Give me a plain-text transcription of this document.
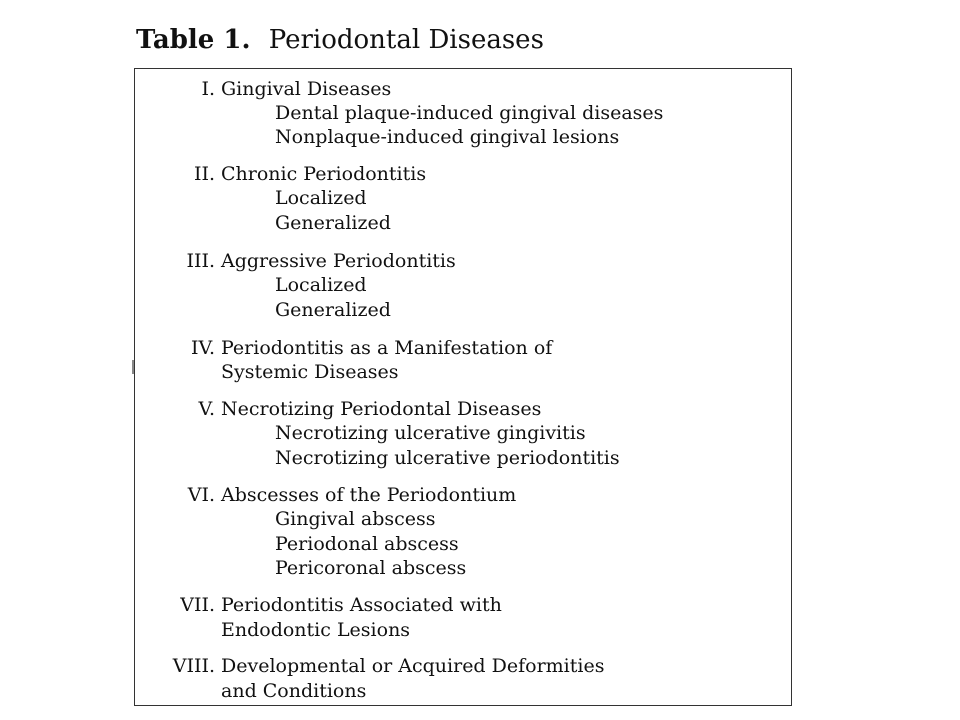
Table 1. Periodontal Diseases
I. Gingival Diseases
Dental plaque-induced gingival diseases
Nonplaque-induced gingival lesions
II. Chronic Periodontitis
Localized
Generalized
III. Aggressive Periodontitis
Localized
Generalized
IV. Periodontitis as a Manifestation of
Systemic Diseases
V. Necrotizing Periodontal Diseases
Necrotizing ulcerative gingivitis
Necrotizing ulcerative periodontitis
VI. Abscesses of the Periodontium
Gingival abscess
Periodonal abscess
Pericoronal abscess
VII. Periodontitis Associated with
Endodontic Lesions
VIII. Developmental or Acquired Deformities
and Conditions
